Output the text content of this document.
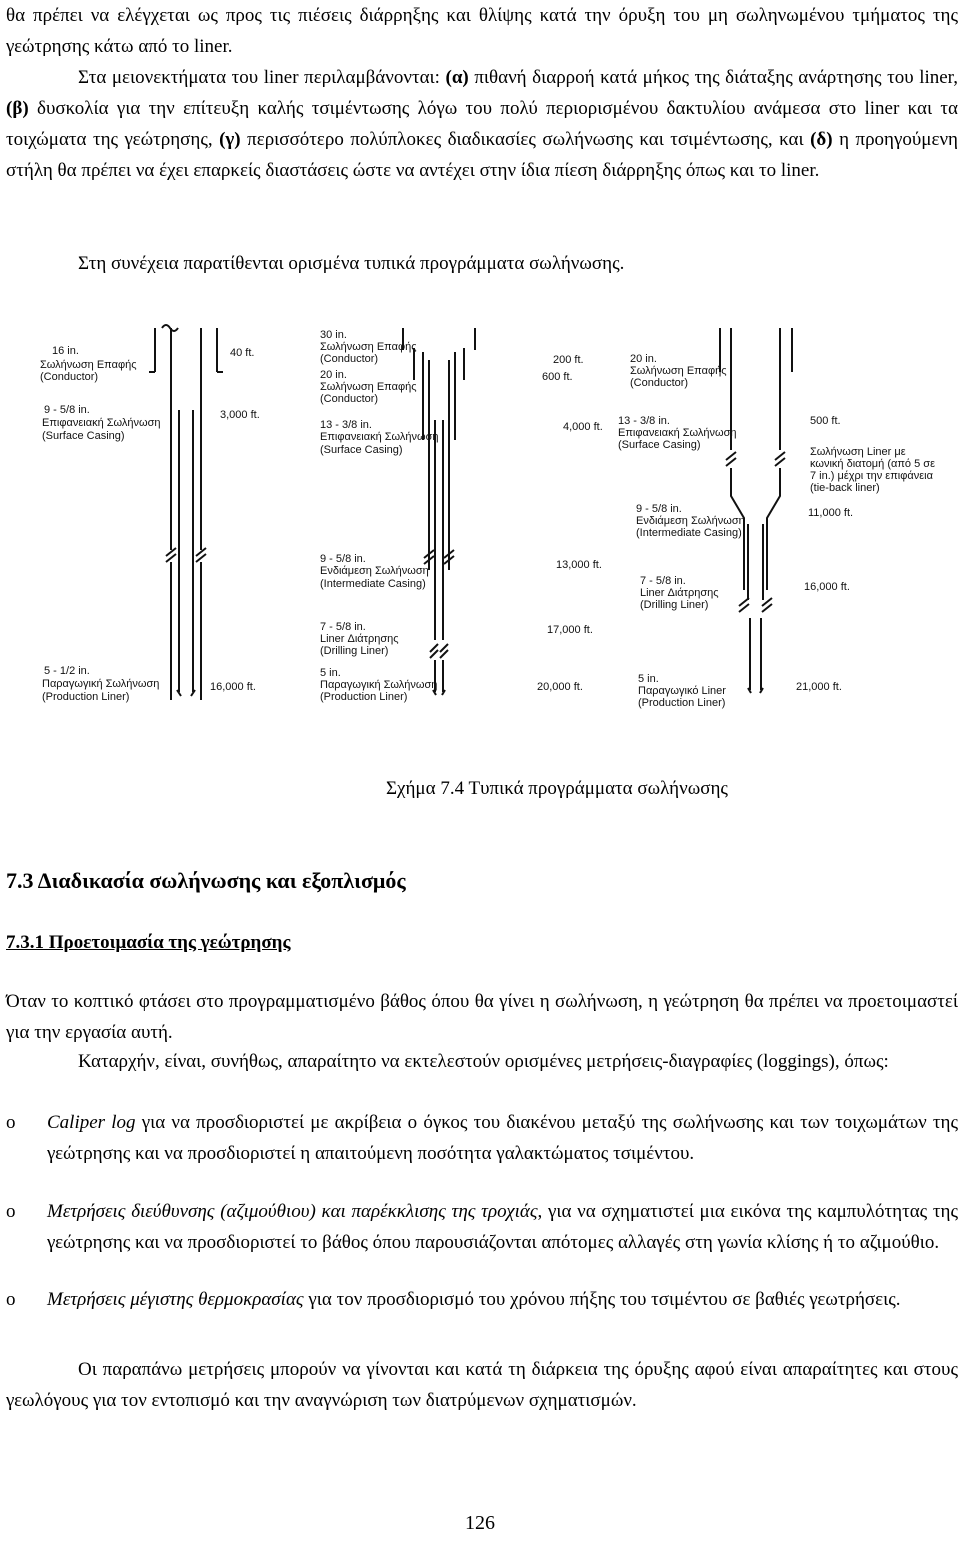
θα πρέπει να ελέγχεται ως προς τις πιέσεις διάρρηξης και θλίψης κατά την όρυξη του μη σωληνωμένου τμήματος της γεώτρησης κάτω από το liner.

Στα μειονεκτήματα του liner περιλαμβάνονται: (α) πιθανή διαρροή κατά μήκος της διάταξης ανάρτησης του liner, (β) δυσκολία για την επίτευξη καλής τσιμέντωσης λόγω του πολύ περιορισμένου δακτυλίου ανάμεσα στο liner και τα τοιχώματα της γεώτρησης, (γ) περισσότερο πολύπλοκες διαδικασίες σωλήνωσης και τσιμέντωσης, και (δ) η προηγούμενη στήλη θα πρέπει να έχει επαρκείς διαστάσεις ώστε να αντέχει στην ίδια πίεση διάρρηξης όπως και το liner.

Στη συνέχεια παρατίθενται ορισμένα τυπικά προγράμματα σωλήνωσης.

16 in.
Σωλήνωση Επαφής
(Conductor)
9 - 5/8 in.
Επιφανειακή Σωλήνωση
(Surface Casing)
5 - 1/2 in.
Παραγωγική Σωλήνωση
(Production Liner)
40 ft.
3,000 ft.
16,000 ft.
30 in.
Σωλήνωση Επαφής
(Conductor)
20 in.
Σωλήνωση Επαφής
(Conductor)
13 - 3/8 in.
Επιφανειακή Σωλήνωση
(Surface Casing)
9 - 5/8 in.
Ενδιάμεση Σωλήνωση
(Intermediate Casing)
7 - 5/8 in.
Liner Διάτρησης
(Drilling Liner)
5 in.
Παραγωγική Σωλήνωση
(Production Liner)
200 ft.
600 ft.
4,000 ft.
13,000 ft.
17,000 ft.
20,000 ft.
20 in.
Σωλήνωση Επαφής
(Conductor)
13 - 3/8 in.
Επιφανειακή Σωλήνωση
(Surface Casing)
Σωλήνωση Liner με
κωνική διατομή (από 5 σε
7 in.) μέχρι την επιφάνεια
(tie-back liner)
9 - 5/8 in.
Ενδιάμεση Σωλήνωση
(Intermediate Casing)
7 - 5/8 in.
Liner Διάτρησης
(Drilling Liner)
5 in.
Παραγωγικό Liner
(Production Liner)
500 ft.
11,000 ft.
16,000 ft.
21,000 ft.
Σχήμα 7.4 Τυπικά προγράμματα σωλήνωσης
7.3 Διαδικασία σωλήνωσης και εξοπλισμός
7.3.1 Προετοιμασία της γεώτρησης

Όταν το κοπτικό φτάσει στο προγραμματισμένο βάθος όπου θα γίνει η σωλήνωση, η γεώτρηση θα πρέπει να προετοιμαστεί για την εργασία αυτή.

Καταρχήν, είναι, συνήθως, απαραίτητο να εκτελεστούν ορισμένες μετρήσεις-διαγραφίες (loggings), όπως:

o Caliper log για να προσδιοριστεί με ακρίβεια ο όγκος του διακένου μεταξύ της σωλήνωσης και των τοιχωμάτων της γεώτρησης και να προσδιοριστεί η απαιτούμενη ποσότητα γαλακτώματος τσιμέντου.
o Μετρήσεις διεύθυνσης (αζιμούθιου) και παρέκκλισης της τροχιάς, για να σχηματιστεί μια εικόνα της καμπυλότητας της γεώτρησης και να προσδιοριστεί το βάθος όπου παρουσιάζονται απότομες αλλαγές στη γωνία κλίσης ή το αζιμούθιο.
o Μετρήσεις μέγιστης θερμοκρασίας για τον προσδιορισμό του χρόνου πήξης του τσιμέντου σε βαθιές γεωτρήσεις.

Οι παραπάνω μετρήσεις μπορούν να γίνονται και κατά τη διάρκεια της όρυξης αφού είναι απαραίτητες και στους γεωλόγους για τον εντοπισμό και την αναγνώριση των διατρύμενων σχηματισμών.

126
